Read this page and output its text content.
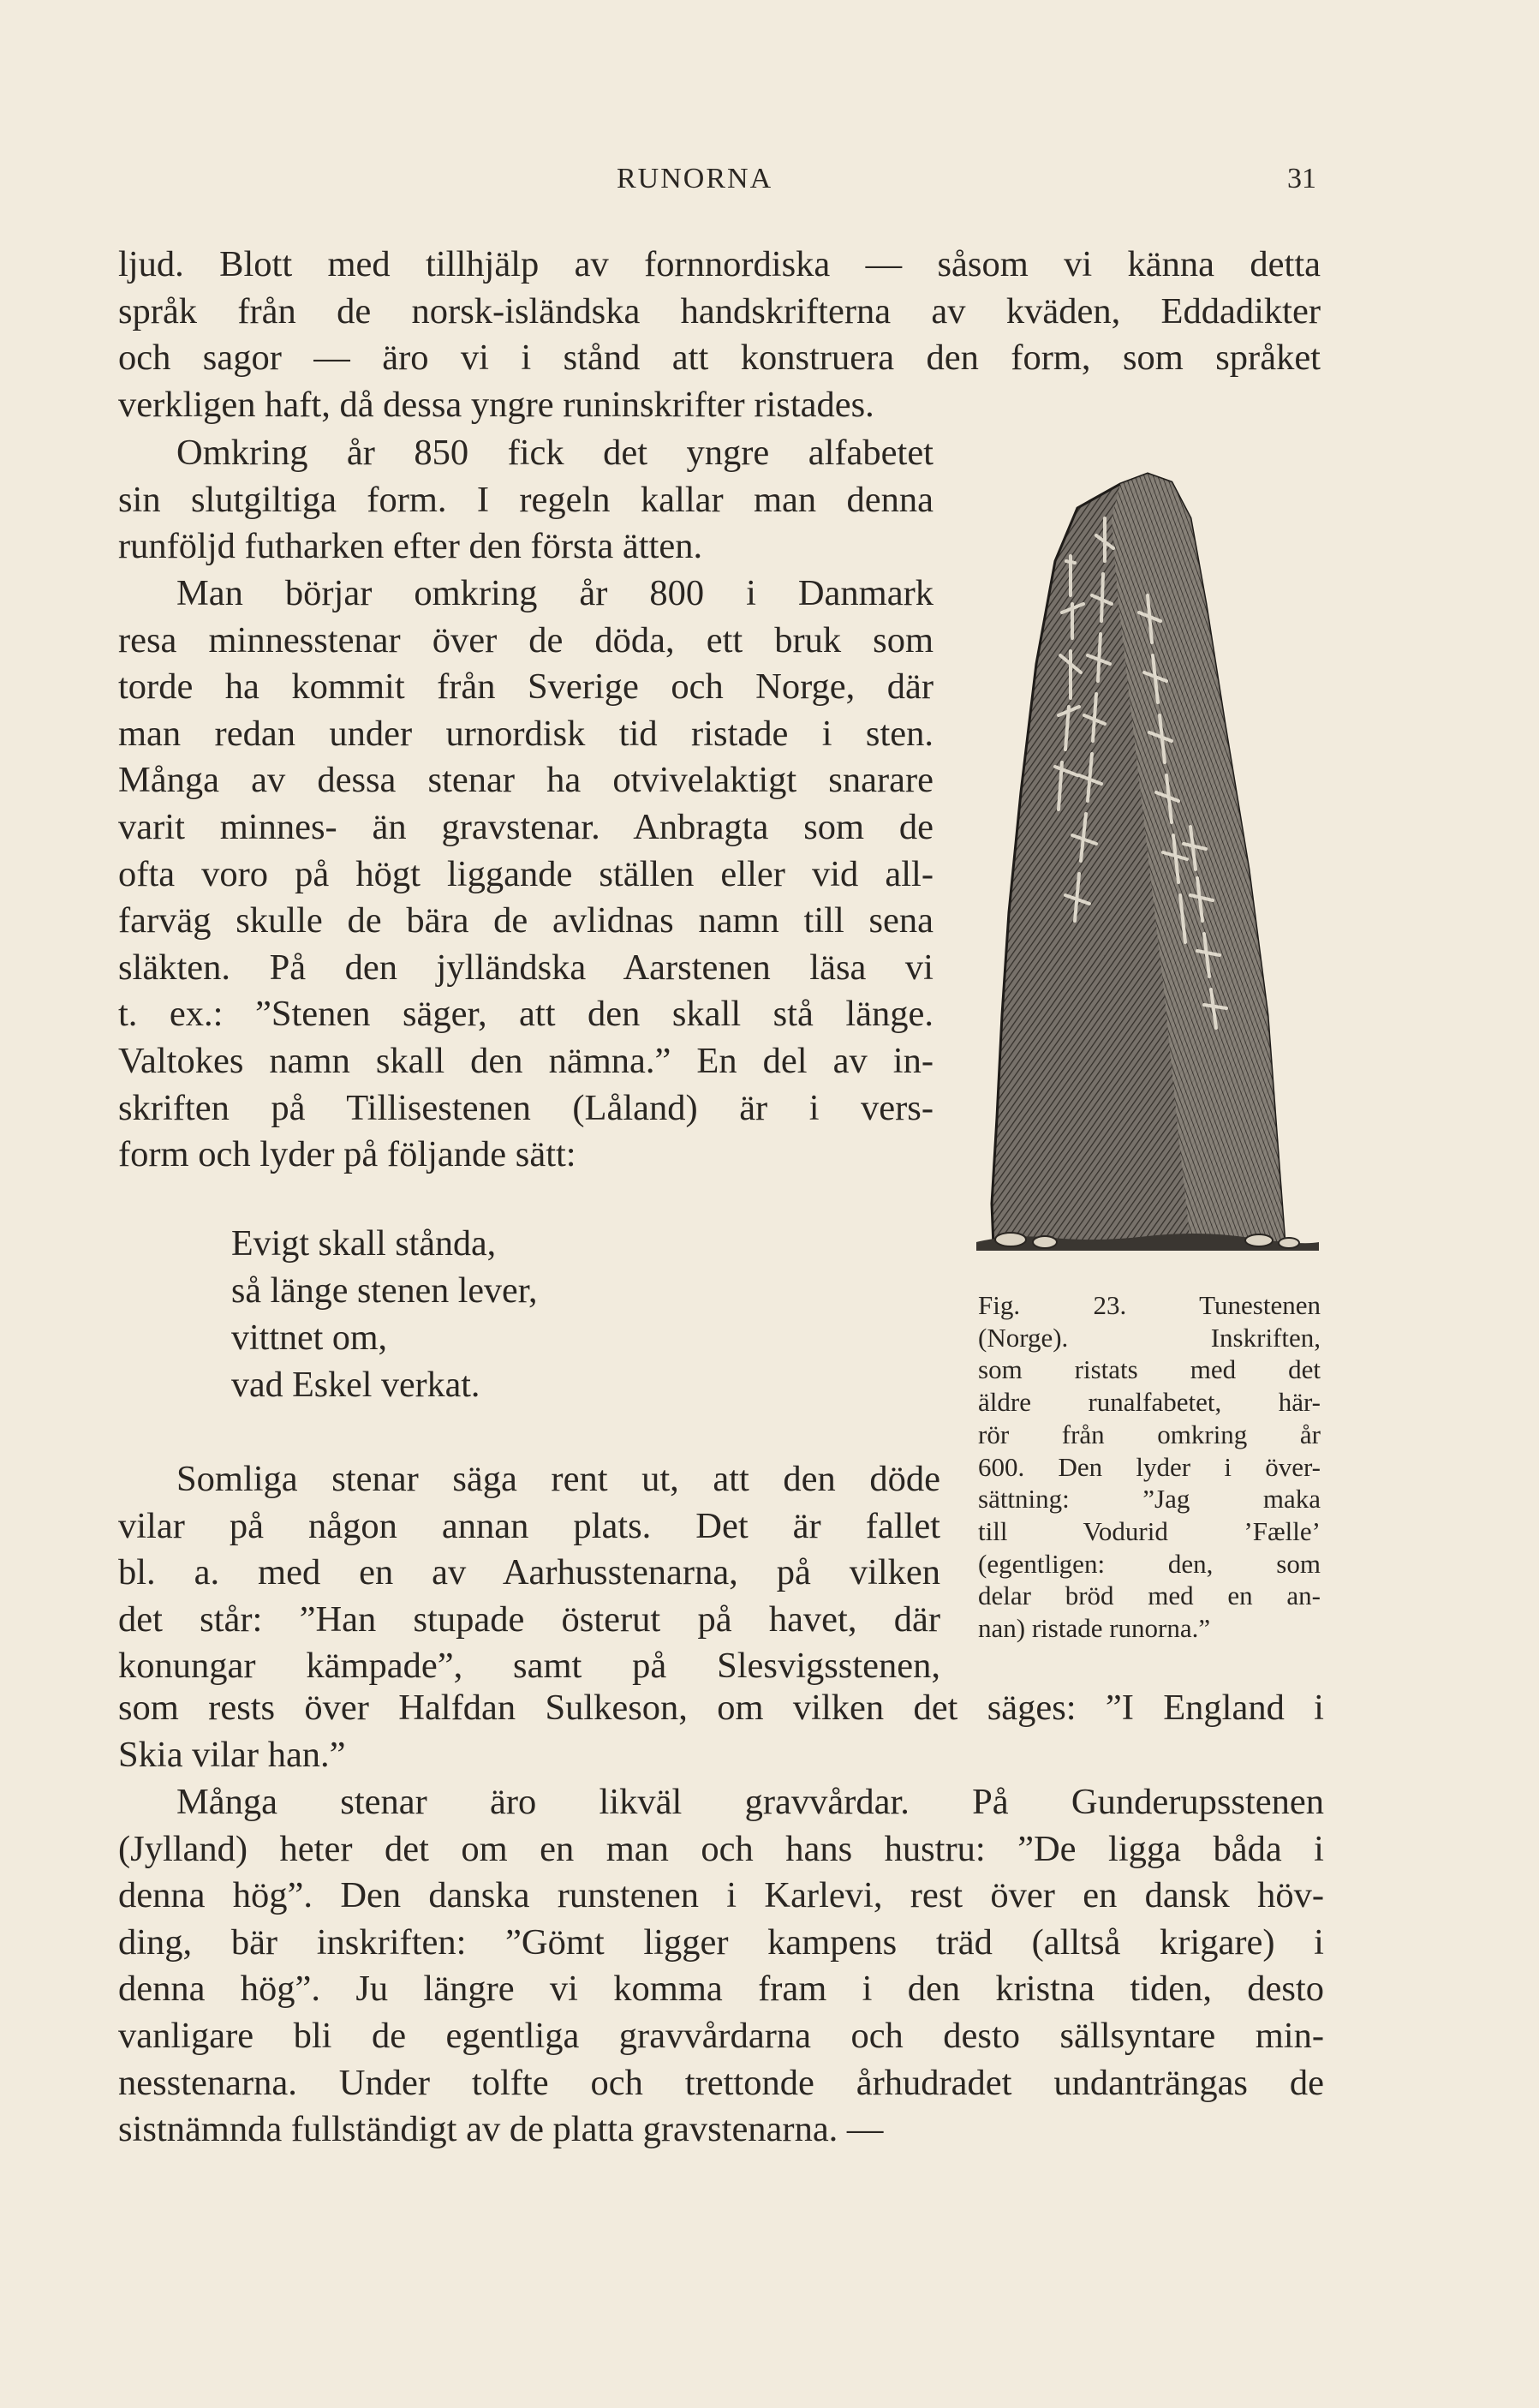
RUNORNA	31
ljud. Blott med tillhjälp av fornnordiska — såsom vi känna detta
språk från de norsk-isländska handskrifterna av kväden, Eddadikter
och sagor — äro vi i stånd att konstruera den form, som språket
verkligen haft, då dessa yngre runinskrifter ristades.
Omkring år 850 fick det yngre alfabetet
sin slutgiltiga form. I regeln kallar man denna
runföljd futharken efter den första ätten.
Man börjar omkring år 800 i Danmark
resa minnesstenar över de döda, ett bruk som
torde ha kommit från Sverige och Norge, där
man redan under urnordisk tid ristade i sten.
Många av dessa stenar ha otvivelaktigt snarare
varit minnes- än gravstenar. Anbragta som de
ofta voro på högt liggande ställen eller vid all-
farväg skulle de bära de avlidnas namn till sena
släkten. På den jylländska Aarstenen läsa vi
t. ex.: ”Stenen säger, att den skall stå länge.
Valtokes namn skall den nämna.” En del av in-
skriften på Tillisestenen (Låland) är i vers-
form och lyder på följande sätt:
Evigt skall stånda,
så länge stenen lever,
vittnet om,
vad Eskel verkat.
Somliga stenar säga rent ut, att den döde
vilar på någon annan plats. Det är fallet
bl. a. med en av Aarhusstenarna, på vilken
det står: ”Han stupade österut på havet, där
konungar kämpade”, samt på Slesvigsstenen,
som rests över Halfdan Sulkeson, om vilken det säges: ”I England i
Skia vilar han.”
Många stenar äro likväl gravvårdar. På Gunderupsstenen
(Jylland) heter det om en man och hans hustru: ”De ligga båda i
denna hög”. Den danska runstenen i Karlevi, rest över en dansk höv-
ding, bär inskriften: ”Gömt ligger kampens träd (alltså krigare) i
denna hög”. Ju längre vi komma fram i den kristna tiden, desto
vanligare bli de egentliga gravvårdarna och desto sällsyntare min-
nesstenarna. Under tolfte och trettonde århudradet undanträngas de
sistnämnda fullständigt av de platta gravstenarna. —
Fig. 23. Tunestenen
(Norge). Inskriften,
som ristats med det
äldre runalfabetet, här-
rör från omkring år
600. Den lyder i över-
sättning: ”Jag maka
till Vodurid ’Fælle’
(egentligen: den, som
delar bröd med en an-
nan) ristade runorna.”
